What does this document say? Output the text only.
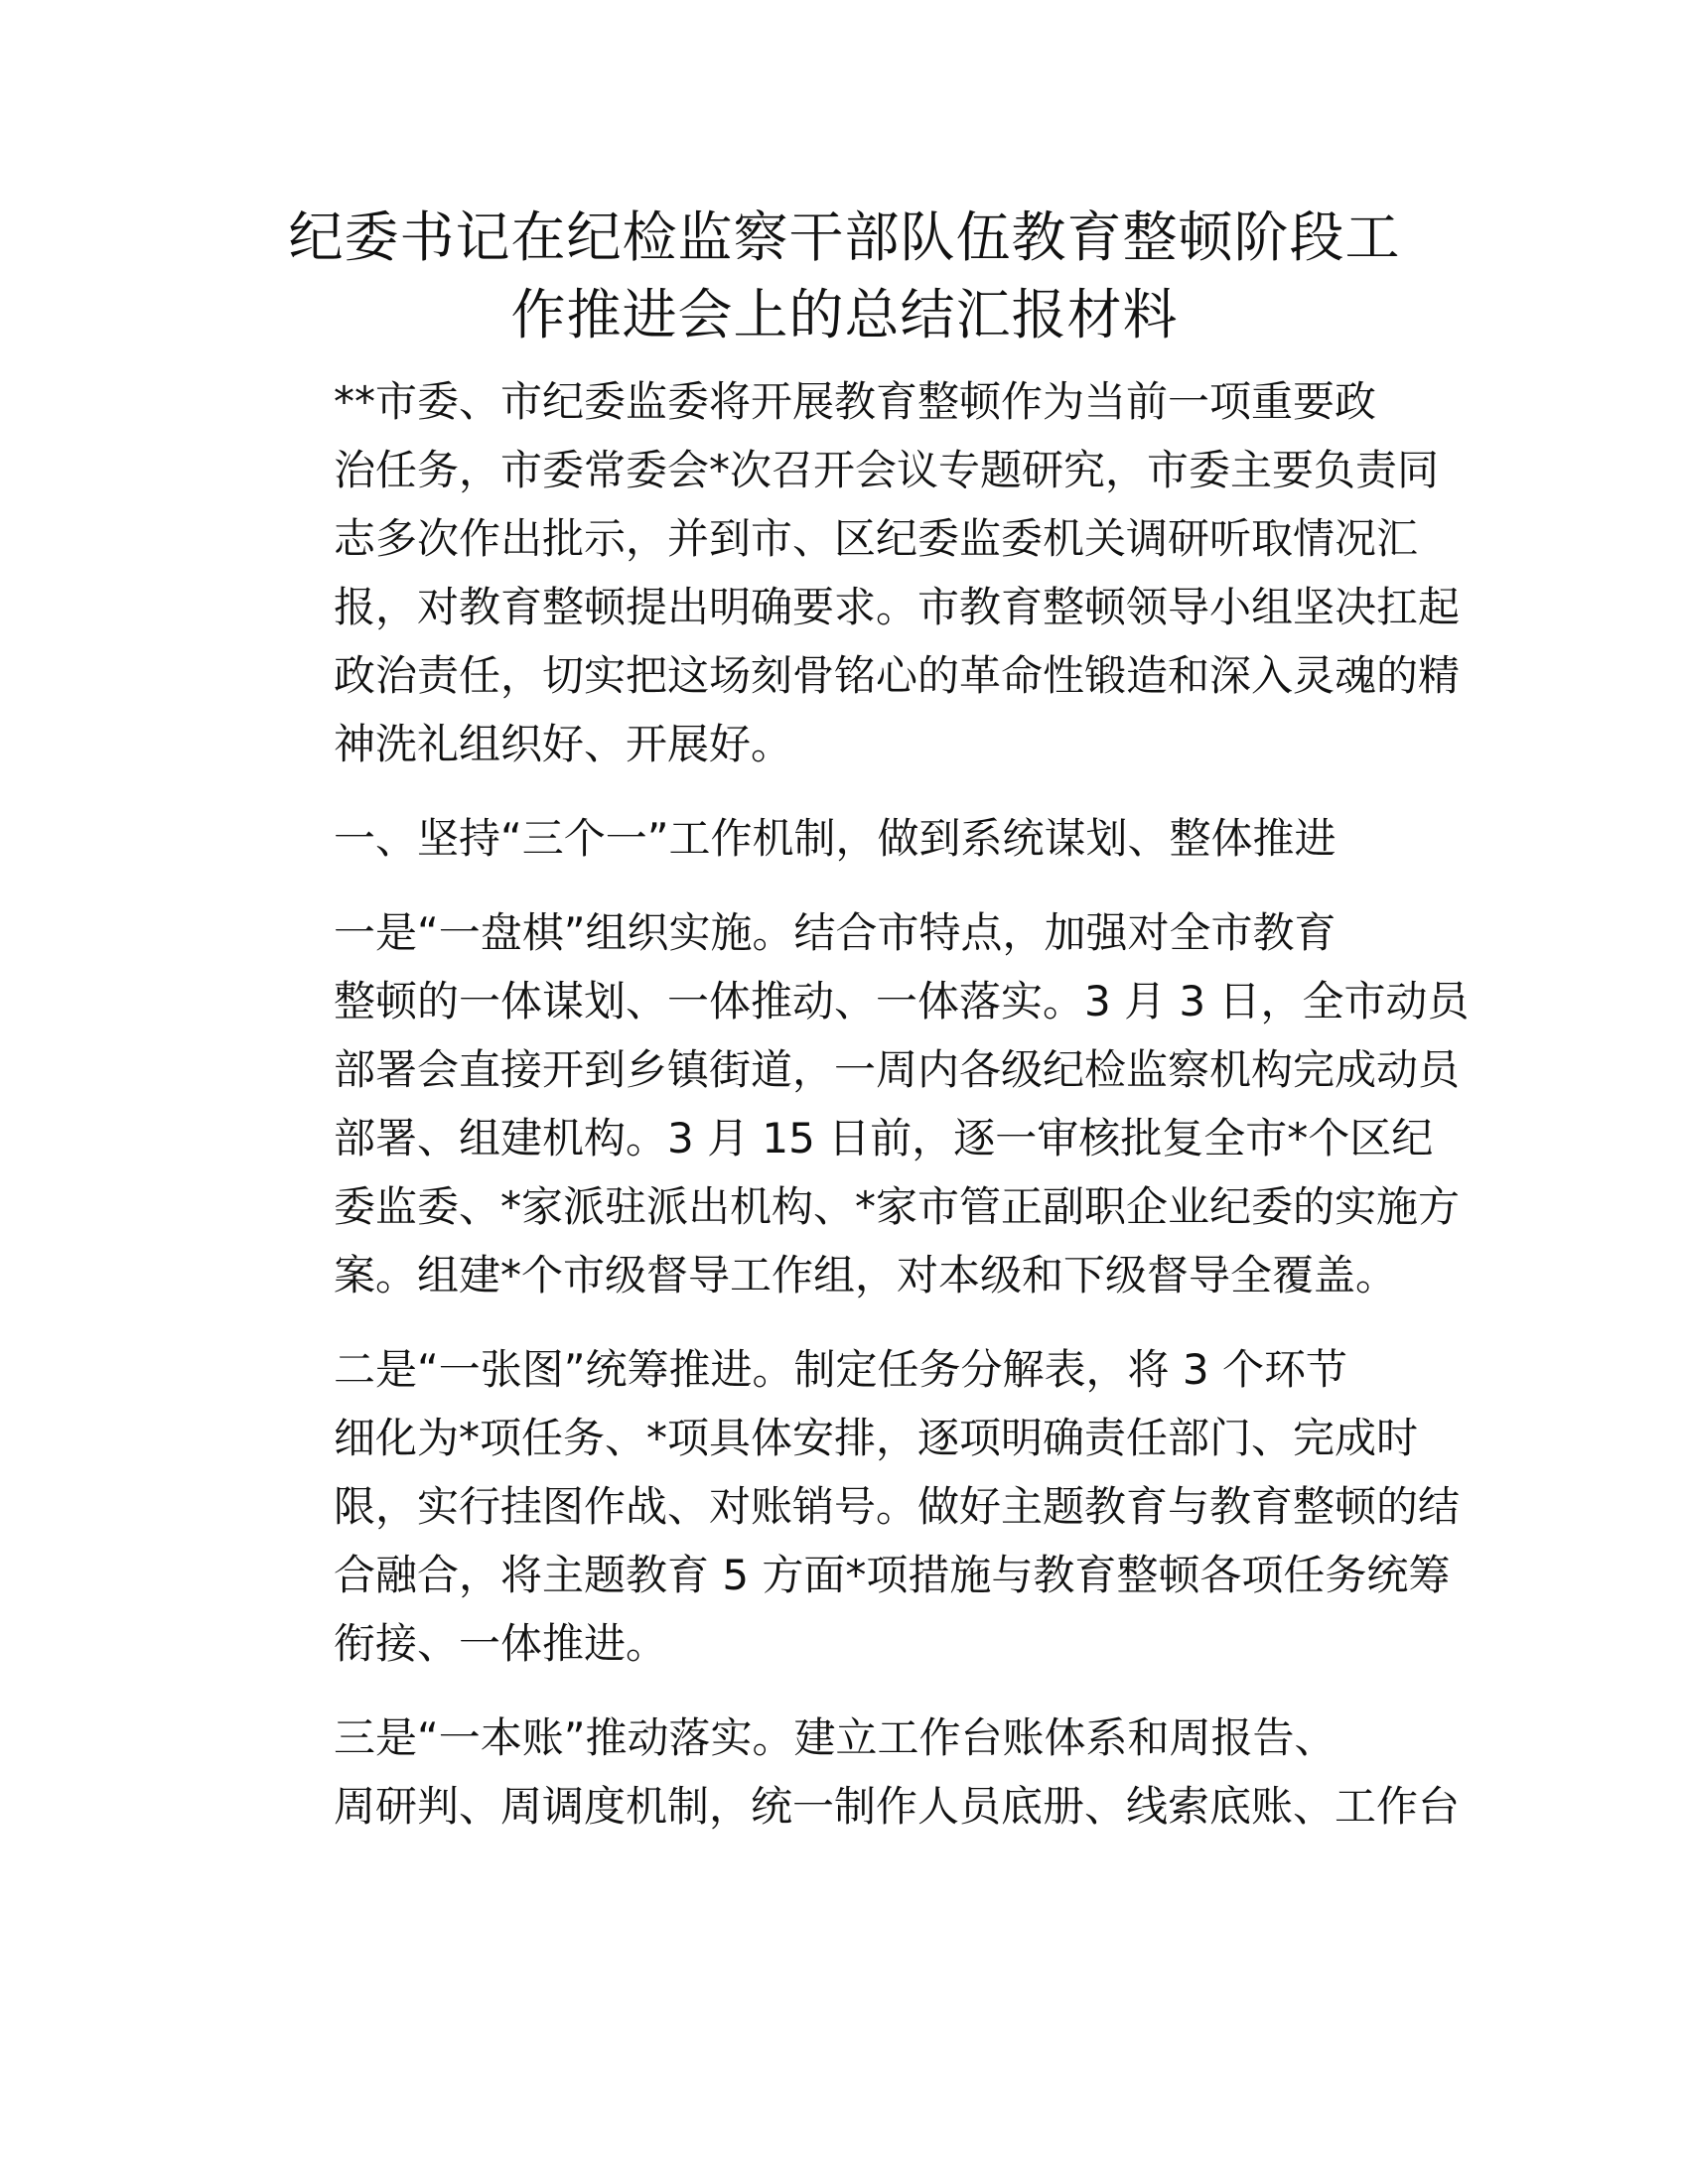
纪委书记在纪检监察干部队伍教育整顿阶段工
作推进会上的总结汇报材料

**市委、市纪委监委将开展教育整顿作为当前一项重要政
治任务，市委常委会*次召开会议专题研究，市委主要负责同
志多次作出批示，并到市、区纪委监委机关调研听取情况汇
报，对教育整顿提出明确要求。市教育整顿领导小组坚决扛起
政治责任，切实把这场刻骨铭心的革命性锻造和深入灵魂的精
神洗礼组织好、开展好。

一、坚持“三个一”工作机制，做到系统谋划、整体推进

一是“一盘棋”组织实施。结合市特点，加强对全市教育
整顿的一体谋划、一体推动、一体落实。3 月 3 日，全市动员
部署会直接开到乡镇街道，一周内各级纪检监察机构完成动员
部署、组建机构。3 月 15 日前，逐一审核批复全市*个区纪
委监委、*家派驻派出机构、*家市管正副职企业纪委的实施方
案。组建*个市级督导工作组，对本级和下级督导全覆盖。

二是“一张图”统筹推进。制定任务分解表，将 3 个环节
细化为*项任务、*项具体安排，逐项明确责任部门、完成时
限，实行挂图作战、对账销号。做好主题教育与教育整顿的结
合融合，将主题教育 5 方面*项措施与教育整顿各项任务统筹
衔接、一体推进。

三是“一本账”推动落实。建立工作台账体系和周报告、
周研判、周调度机制，统一制作人员底册、线索底账、工作台
